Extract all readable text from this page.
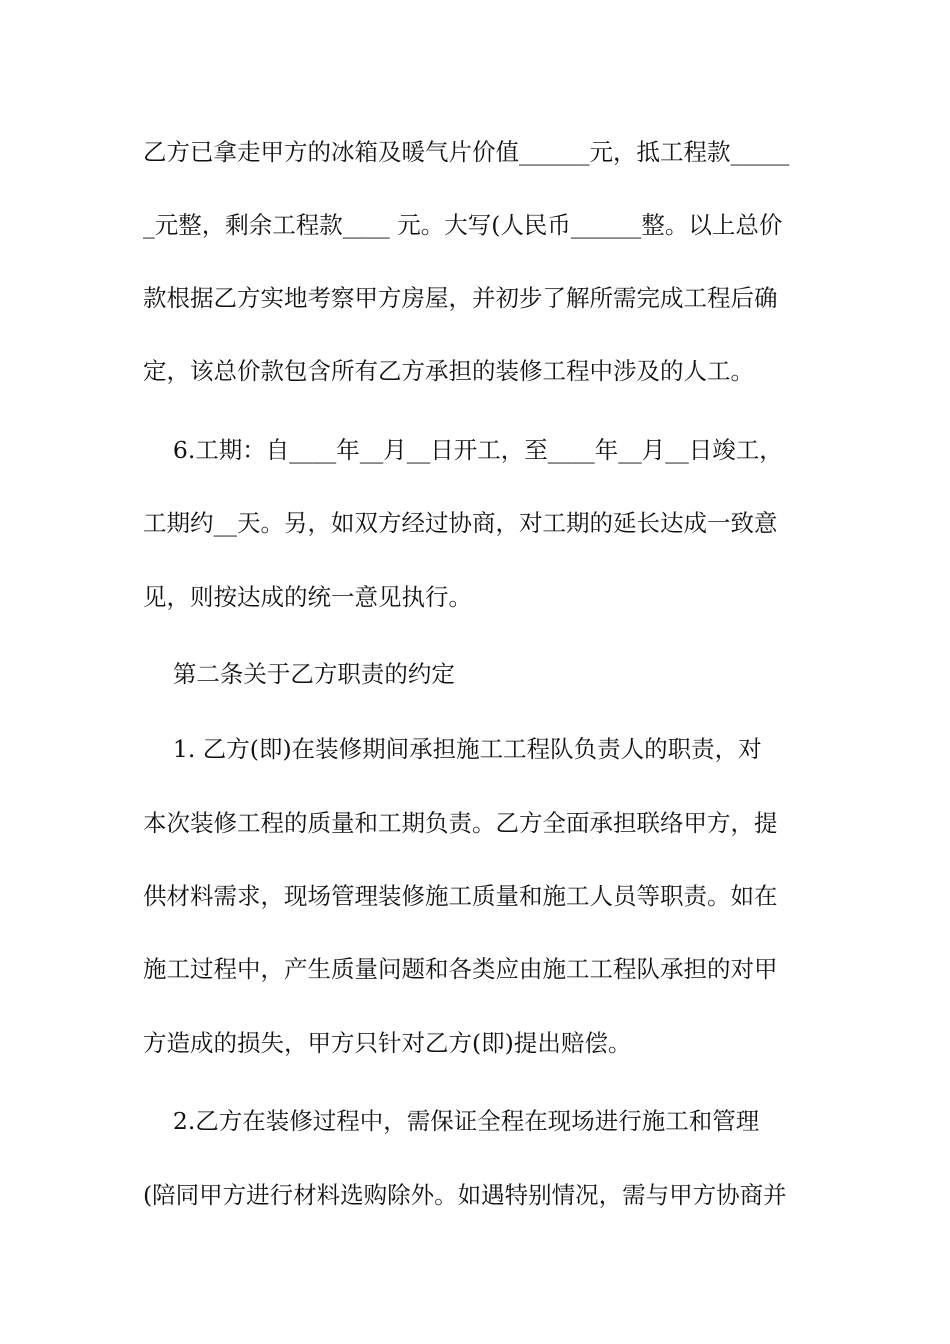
乙方已拿走甲方的冰箱及暖气片价值______元，抵工程款_____
_元整，剩余工程款____ 元。大写(人民币______整。以上总价
款根据乙方实地考察甲方房屋，并初步了解所需完成工程后确
定，该总价款包含所有乙方承担的装修工程中涉及的人工。
6.工期：自____年__月__日开工，至____年__月__日竣工，
工期约__天。另，如双方经过协商，对工期的延长达成一致意
见，则按达成的统一意见执行。
第二条关于乙方职责的约定
1. 乙方(即)在装修期间承担施工工程队负责人的职责，对
本次装修工程的质量和工期负责。乙方全面承担联络甲方，提
供材料需求，现场管理装修施工质量和施工人员等职责。如在
施工过程中，产生质量问题和各类应由施工工程队承担的对甲
方造成的损失，甲方只针对乙方(即)提出赔偿。
2.乙方在装修过程中，需保证全程在现场进行施工和管理
(陪同甲方进行材料选购除外。如遇特别情况，需与甲方协商并
